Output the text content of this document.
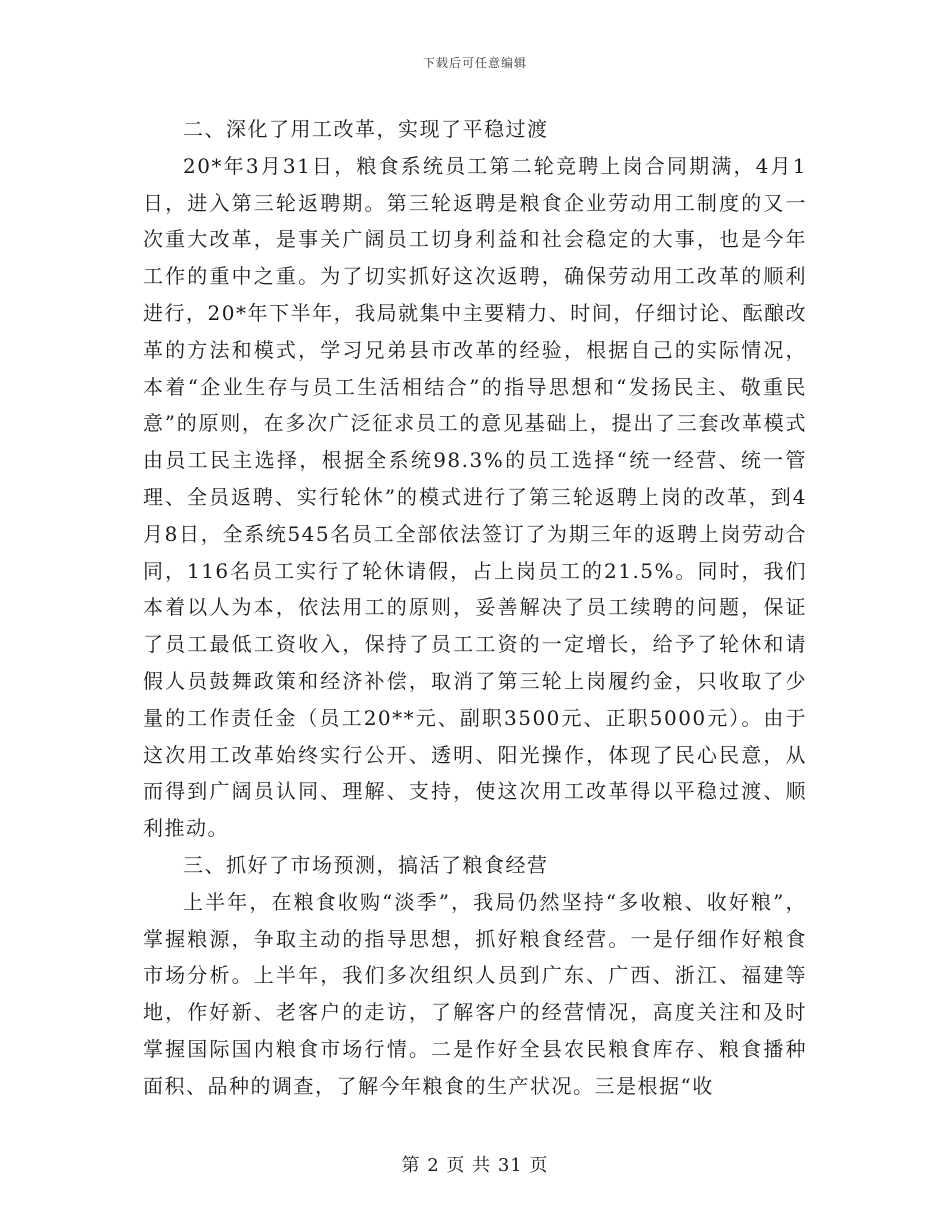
下载后可任意编辑

二、深化了用工改革，实现了平稳过渡

20*年3月31日，粮食系统员工第二轮竞聘上岗合同期满，4月1日，进入第三轮返聘期。第三轮返聘是粮食企业劳动用工制度的又一次重大改革，是事关广阔员工切身利益和社会稳定的大事，也是今年工作的重中之重。为了切实抓好这次返聘，确保劳动用工改革的顺利进行，20*年下半年，我局就集中主要精力、时间，仔细讨论、酝酿改革的方法和模式，学习兄弟县市改革的经验，根据自己的实际情况，本着“企业生存与员工生活相结合”的指导思想和“发扬民主、敬重民意”的原则，在多次广泛征求员工的意见基础上，提出了三套改革模式由员工民主选择，根据全系统98.3%的员工选择“统一经营、统一管理、全员返聘、实行轮休”的模式进行了第三轮返聘上岗的改革，到4月8日，全系统545名员工全部依法签订了为期三年的返聘上岗劳动合同，116名员工实行了轮休请假，占上岗员工的21.5%。同时，我们本着以人为本，依法用工的原则，妥善解决了员工续聘的问题，保证了员工最低工资收入，保持了员工工资的一定增长，给予了轮休和请假人员鼓舞政策和经济补偿，取消了第三轮上岗履约金，只收取了少量的工作责任金（员工20**元、副职3500元、正职5000元）。由于这次用工改革始终实行公开、透明、阳光操作，体现了民心民意，从而得到广阔员认同、理解、支持，使这次用工改革得以平稳过渡、顺利推动。

三、抓好了市场预测，搞活了粮食经营

上半年，在粮食收购“淡季”，我局仍然坚持“多收粮、收好粮”，掌握粮源，争取主动的指导思想，抓好粮食经营。一是仔细作好粮食市场分析。上半年，我们多次组织人员到广东、广西、浙江、福建等地，作好新、老客户的走访，了解客户的经营情况，高度关注和及时掌握国际国内粮食市场行情。二是作好全县农民粮食库存、粮食播种面积、品种的调查，了解今年粮食的生产状况。三是根据“收

第 2 页 共 31 页
